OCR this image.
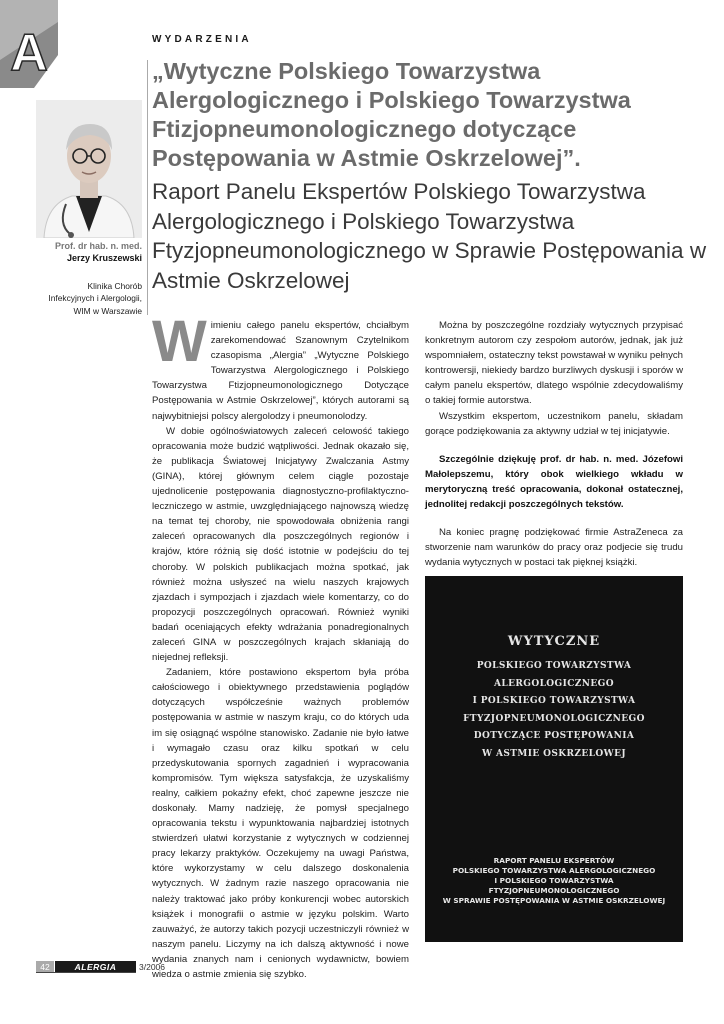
A	WYDARZENIA
Prof. dr hab. n. med.
Jerzy Kruszewski
Klinika Chorób
Infekcyjnych i Alergologii,
WIM w Warszawie
„Wytyczne Polskiego Towarzystwa Alergologicznego i Polskiego Towarzystwa Ftizjopneumonologicznego dotyczące Postępowania w Astmie Oskrzelowej”.
Raport Panelu Ekspertów Polskiego Towarzystwa Alergologicznego i Polskiego Towarzystwa Ftyzjopneumonologicznego w Sprawie Postępowania w Astmie Oskrzelowej

Wimieniu całego panelu ekspertów, chciałbym zarekomendować Szanownym Czytelnikom czasopisma „Alergia” „Wytyczne Polskiego Towarzystwa Alergologicznego i Polskiego Towarzystwa Ftizjopneumonologicznego Dotyczące Postępowania w Astmie Oskrzelowej”, których autorami są najwybitniejsi polscy alergolodzy i pneumonolodzy.

W dobie ogólnoświatowych zaleceń celowość takiego opracowania może budzić wątpliwości. Jednak okazało się, że publikacja Światowej Inicjatywy Zwalczania Astmy (GINA), której głównym celem ciągle pozostaje ujednolicenie postępowania diagnostyczno-profilaktyczno-leczniczego w astmie, uwzględniającego najnowszą wiedzę na temat tej choroby, nie spowodowała obniżenia rangi zaleceń opracowanych dla poszczególnych regionów i krajów, które różnią się dość istotnie w podejściu do tej choroby. W polskich publikacjach można spotkać, jak również można usłyszeć na wielu naszych krajowych zjazdach i sympozjach i zjazdach wiele komentarzy, co do propozycji poszczególnych opracowań. Również wyniki badań oceniających efekty wdrażania ponadregionalnych zaleceń GINA w poszczególnych krajach skłaniają do niejednej refleksji.

Zadaniem, które postawiono ekspertom była próba całościowego i obiektywnego przedstawienia poglądów dotyczących współcześnie ważnych problemów postępowania w astmie w naszym kraju, co do których uda im się osiągnąć wspólne stanowisko. Zadanie nie było łatwe i wymagało czasu oraz kilku spotkań w celu przedyskutowania spornych zagadnień i wypracowania kompromisów. Tym większa satysfakcja, że uzyskaliśmy realny, całkiem pokaźny efekt, choć zapewne jeszcze nie doskonały. Mamy nadzieję, że pomysł specjalnego opracowania tekstu i wypunktowania najbardziej istotnych stwierdzeń ułatwi korzystanie z wytycznych w codziennej pracy lekarzy praktyków. Oczekujemy na uwagi Państwa, które wykorzystamy w celu dalszego doskonalenia wytycznych. W żadnym razie naszego opracowania nie należy traktować jako próby konkurencji wobec autorskich książek i monografii o astmie w języku polskim. Warto zauważyć, że autorzy takich pozycji uczestniczyli również w naszym panelu. Liczymy na ich dalszą aktywność i nowe wydania znanych nam i cenionych wydawnictw, bowiem wiedza o astmie zmienia się szybko.

Można by poszczególne rozdziały wytycznych przypisać konkretnym autorom czy zespołom autorów, jednak, jak już wspomniałem, ostateczny tekst powstawał w wyniku pełnych kontrowersji, niekiedy bardzo burzliwych dyskusji i sporów w całym panelu ekspertów, dlatego wspólnie zdecydowaliśmy o takiej formie autorstwa.

Wszystkim ekspertom, uczestnikom panelu, składam gorące podziękowania za aktywny udział w tej inicjatywie.

Szczególnie dziękuję prof. dr hab. n. med. Józefowi Małolepszemu, który obok wielkiego wkładu w merytoryczną treść opracowania, dokonał ostatecznej, jednolitej redakcji poszczególnych tekstów.

Na koniec pragnę podziękować firmie AstraZeneca za stworzenie nam warunków do pracy oraz podjecie się trudu wydania wytycznych w postaci tak pięknej książki.

WYTYCZNE
POLSKIEGO TOWARZYSTWA
ALERGOLOGICZNEGO
I POLSKIEGO TOWARZYSTWA
FTYZJOPNEUMONOLOGICZNEGO
DOTYCZĄCE POSTĘPOWANIA
W ASTMIE OSKRZELOWEJ
RAPORT PANELU EKSPERTÓW
POLSKIEGO TOWARZYSTWA ALERGOLOGICZNEGO
I POLSKIEGO TOWARZYSTWA
FTYZJOPNEUMONOLOGICZNEGO
W SPRAWIE POSTĘPOWANIA W ASTMIE OSKRZELOWEJ
42	ALERGIA	3/2006
